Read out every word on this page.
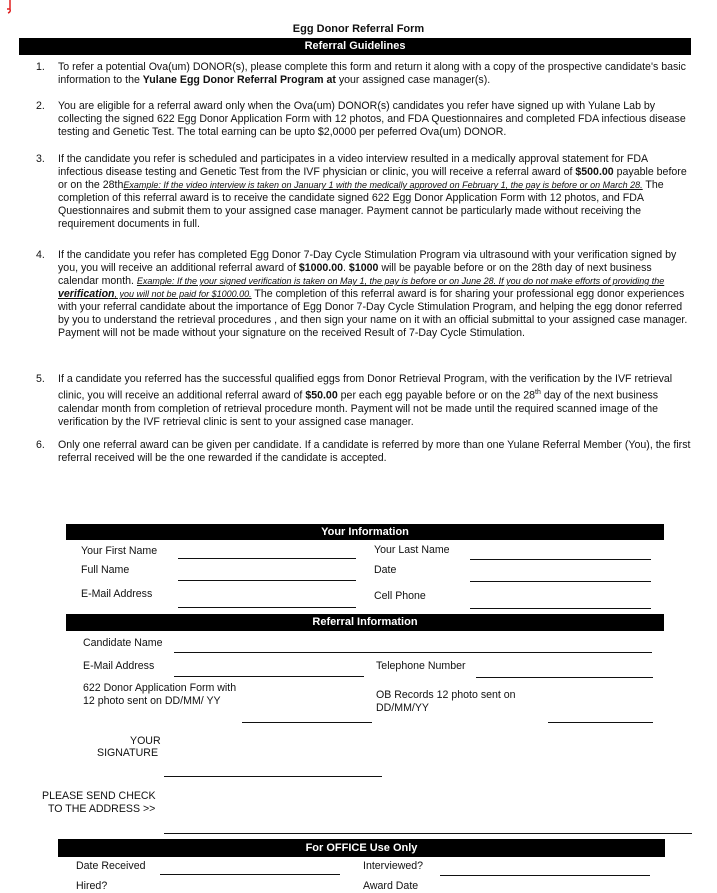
Egg Donor Referral Form
Referral Guidelines
1. To refer a potential Ova(um) DONOR(s), please complete this form and return it along with a copy of the prospective candidate's basic information to the Yulane Egg Donor Referral Program at your assigned case manager(s).

2. You are eligible for a referral award only when the Ova(um) DONOR(s) candidates you refer have signed up with Yulane Lab by collecting the signed 622 Egg Donor Application Form with 12 photos, and FDA Questionnaires and completed FDA infectious disease testing and Genetic Test. The total earning can be upto $2,0000 per peferred Ova(um) DONOR.

3. If the candidate you refer is scheduled and participates in a video interview resulted in a medically approval statement for FDA infectious disease testing and Genetic Test from the IVF physician or clinic, you will receive a referral award of $500.00 payable before or on the 28thExample: If the video interview is taken on January 1 with the medically approved on February 1, the pay is before or on March 28. The completion of this referral award is to receive the candidate signed 622 Egg Donor Application Form with 12 photos, and FDA Questionnaires and submit them to your assigned case manager. Payment cannot be particularly made without receiving the requirement documents in full.

4. If the candidate you refer has completed Egg Donor 7-Day Cycle Stimulation Program via ultrasound with your verification signed by you, you will receive an additional referral award of $1000.00. $1000 will be payable before or on the 28th day of next business calendar month. Example: If the your signed verification is taken on May 1, the pay is before or on June 28. If you do not make efforts of providing the verification, you will not be paid for $1000.00. The completion of this referral award is for sharing your professional egg donor experiences with your referral candidate about the importance of Egg Donor 7-Day Cycle Stimulation Program, and helping the egg donor referred by you to understand the retrieval procedures , and then sign your name on it with an official submittal to your assigned case manager. Payment will not be made without your signature on the received Result of 7-Day Cycle Stimulation.

5. If a candidate you referred has the successful qualified eggs from Donor Retrieval Program, with the verification by the IVF retrieval clinic, you will receive an additional referral award of $50.00 per each egg payable before or on the 28th day of the next business calendar month from completion of retrieval procedure month. Payment will not be made until the required scanned image of the verification by the IVF retrieval clinic is sent to your assigned case manager.

6. Only one referral award can be given per candidate. If a candidate is referred by more than one Yulane Referral Member (You), the first referral received will be the one rewarded if the candidate is accepted.

Your Information
Your First Name	Your Last Name
Full Name	Date
E-Mail Address	Cell Phone
Referral Information
Candidate Name
E-Mail Address	Telephone Number
622 Donor Application Form with 12 photo sent on DD/MM/ YY	OB Records 12 photo sent on DD/MM/YY
YOUR
SIGNATURE
PLEASE SEND CHECK
TO THE ADDRESS >>
For OFFICE Use Only
Date Received	Interviewed?
Hired?	Award Date
